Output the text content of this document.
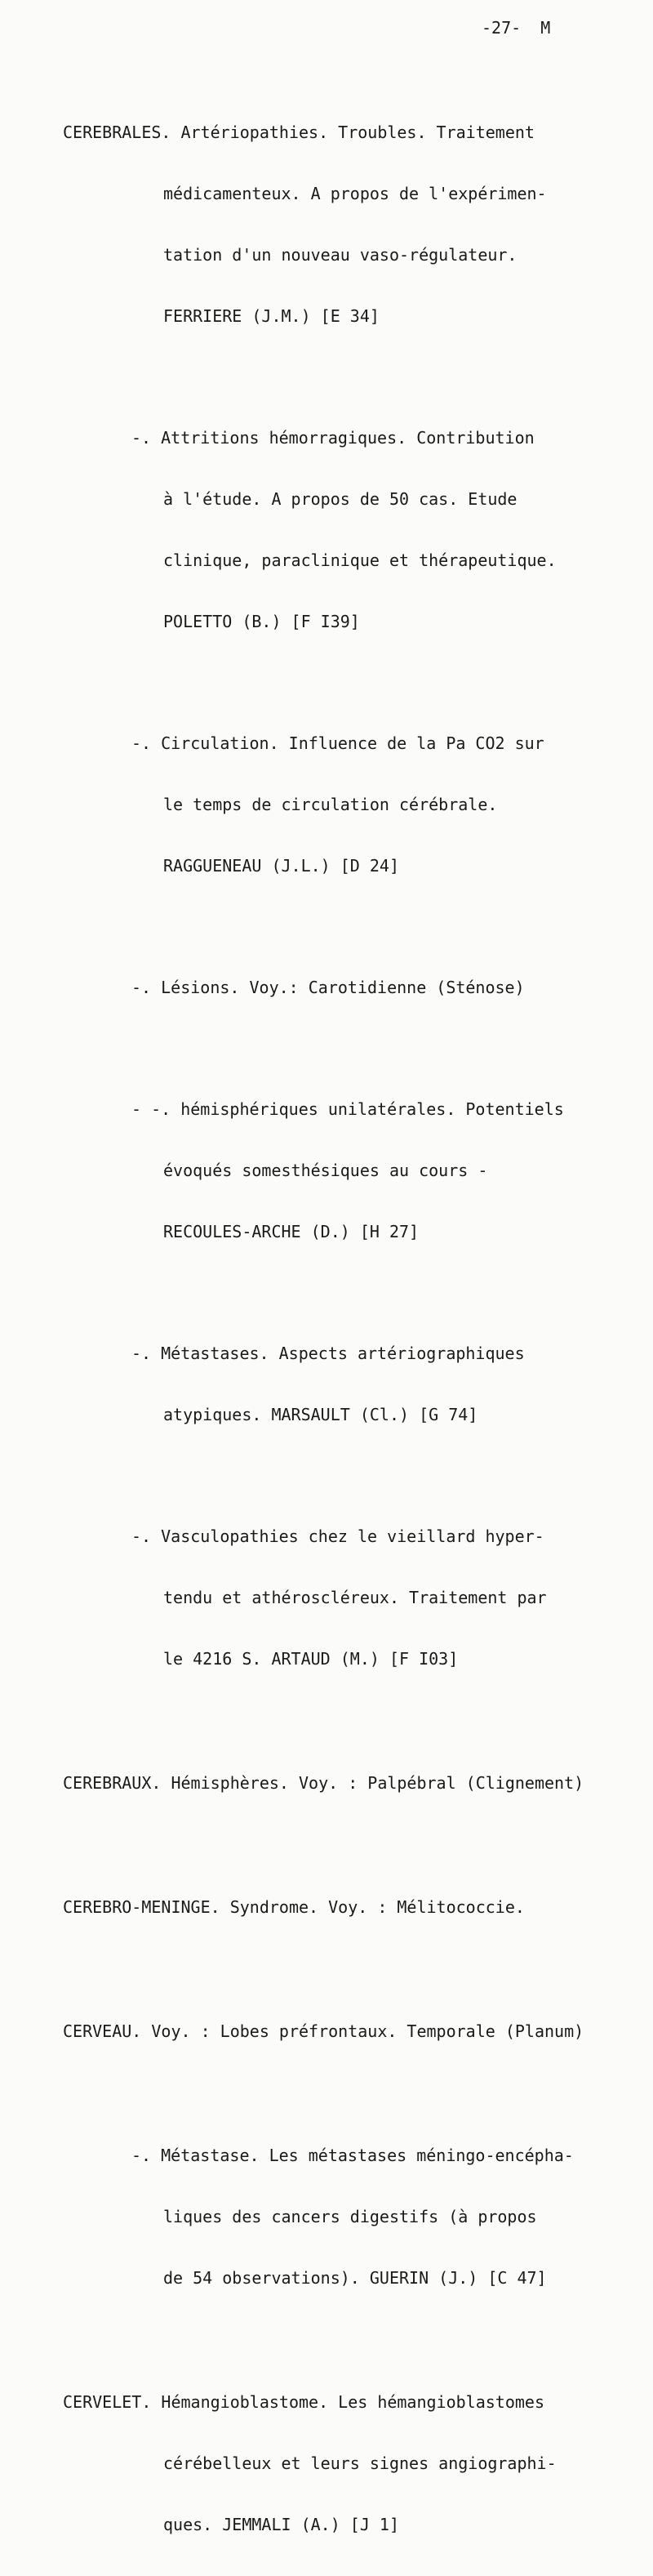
-27- M

CEREBRALES. Artériopathies. Troubles. Traitement

médicamenteux. A propos de l'expérimen-

tation d'un nouveau vaso-régulateur.

FERRIERE (J.M.) [E 34]

-. Attritions hémorragiques. Contribution

à l'étude. A propos de 50 cas. Etude

clinique, paraclinique et thérapeutique.

POLETTO (B.) [F I39]

-. Circulation. Influence de la Pa CO2 sur

le temps de circulation cérébrale.

RAGGUENEAU (J.L.) [D 24]

-. Lésions. Voy.: Carotidienne (Sténose)

- -. hémisphériques unilatérales. Potentiels

évoqués somesthésiques au cours -

RECOULES-ARCHE (D.) [H 27]

-. Métastases. Aspects artériographiques

atypiques. MARSAULT (Cl.) [G 74]

-. Vasculopathies chez le vieillard hyper-

tendu et athéroscléreux. Traitement par

le 4216 S. ARTAUD (M.) [F I03]

CEREBRAUX. Hémisphères. Voy. : Palpébral (Clignement)

CEREBRO-MENINGE. Syndrome. Voy. : Mélitococcie.

CERVEAU. Voy. : Lobes préfrontaux. Temporale (Planum)

-. Métastase. Les métastases méningo-encépha-

liques des cancers digestifs (à propos

de 54 observations). GUERIN (J.) [C 47]

CERVELET. Hémangioblastome. Les hémangioblastomes

cérébelleux et leurs signes angiographi-

ques. JEMMALI (A.) [J 1]
